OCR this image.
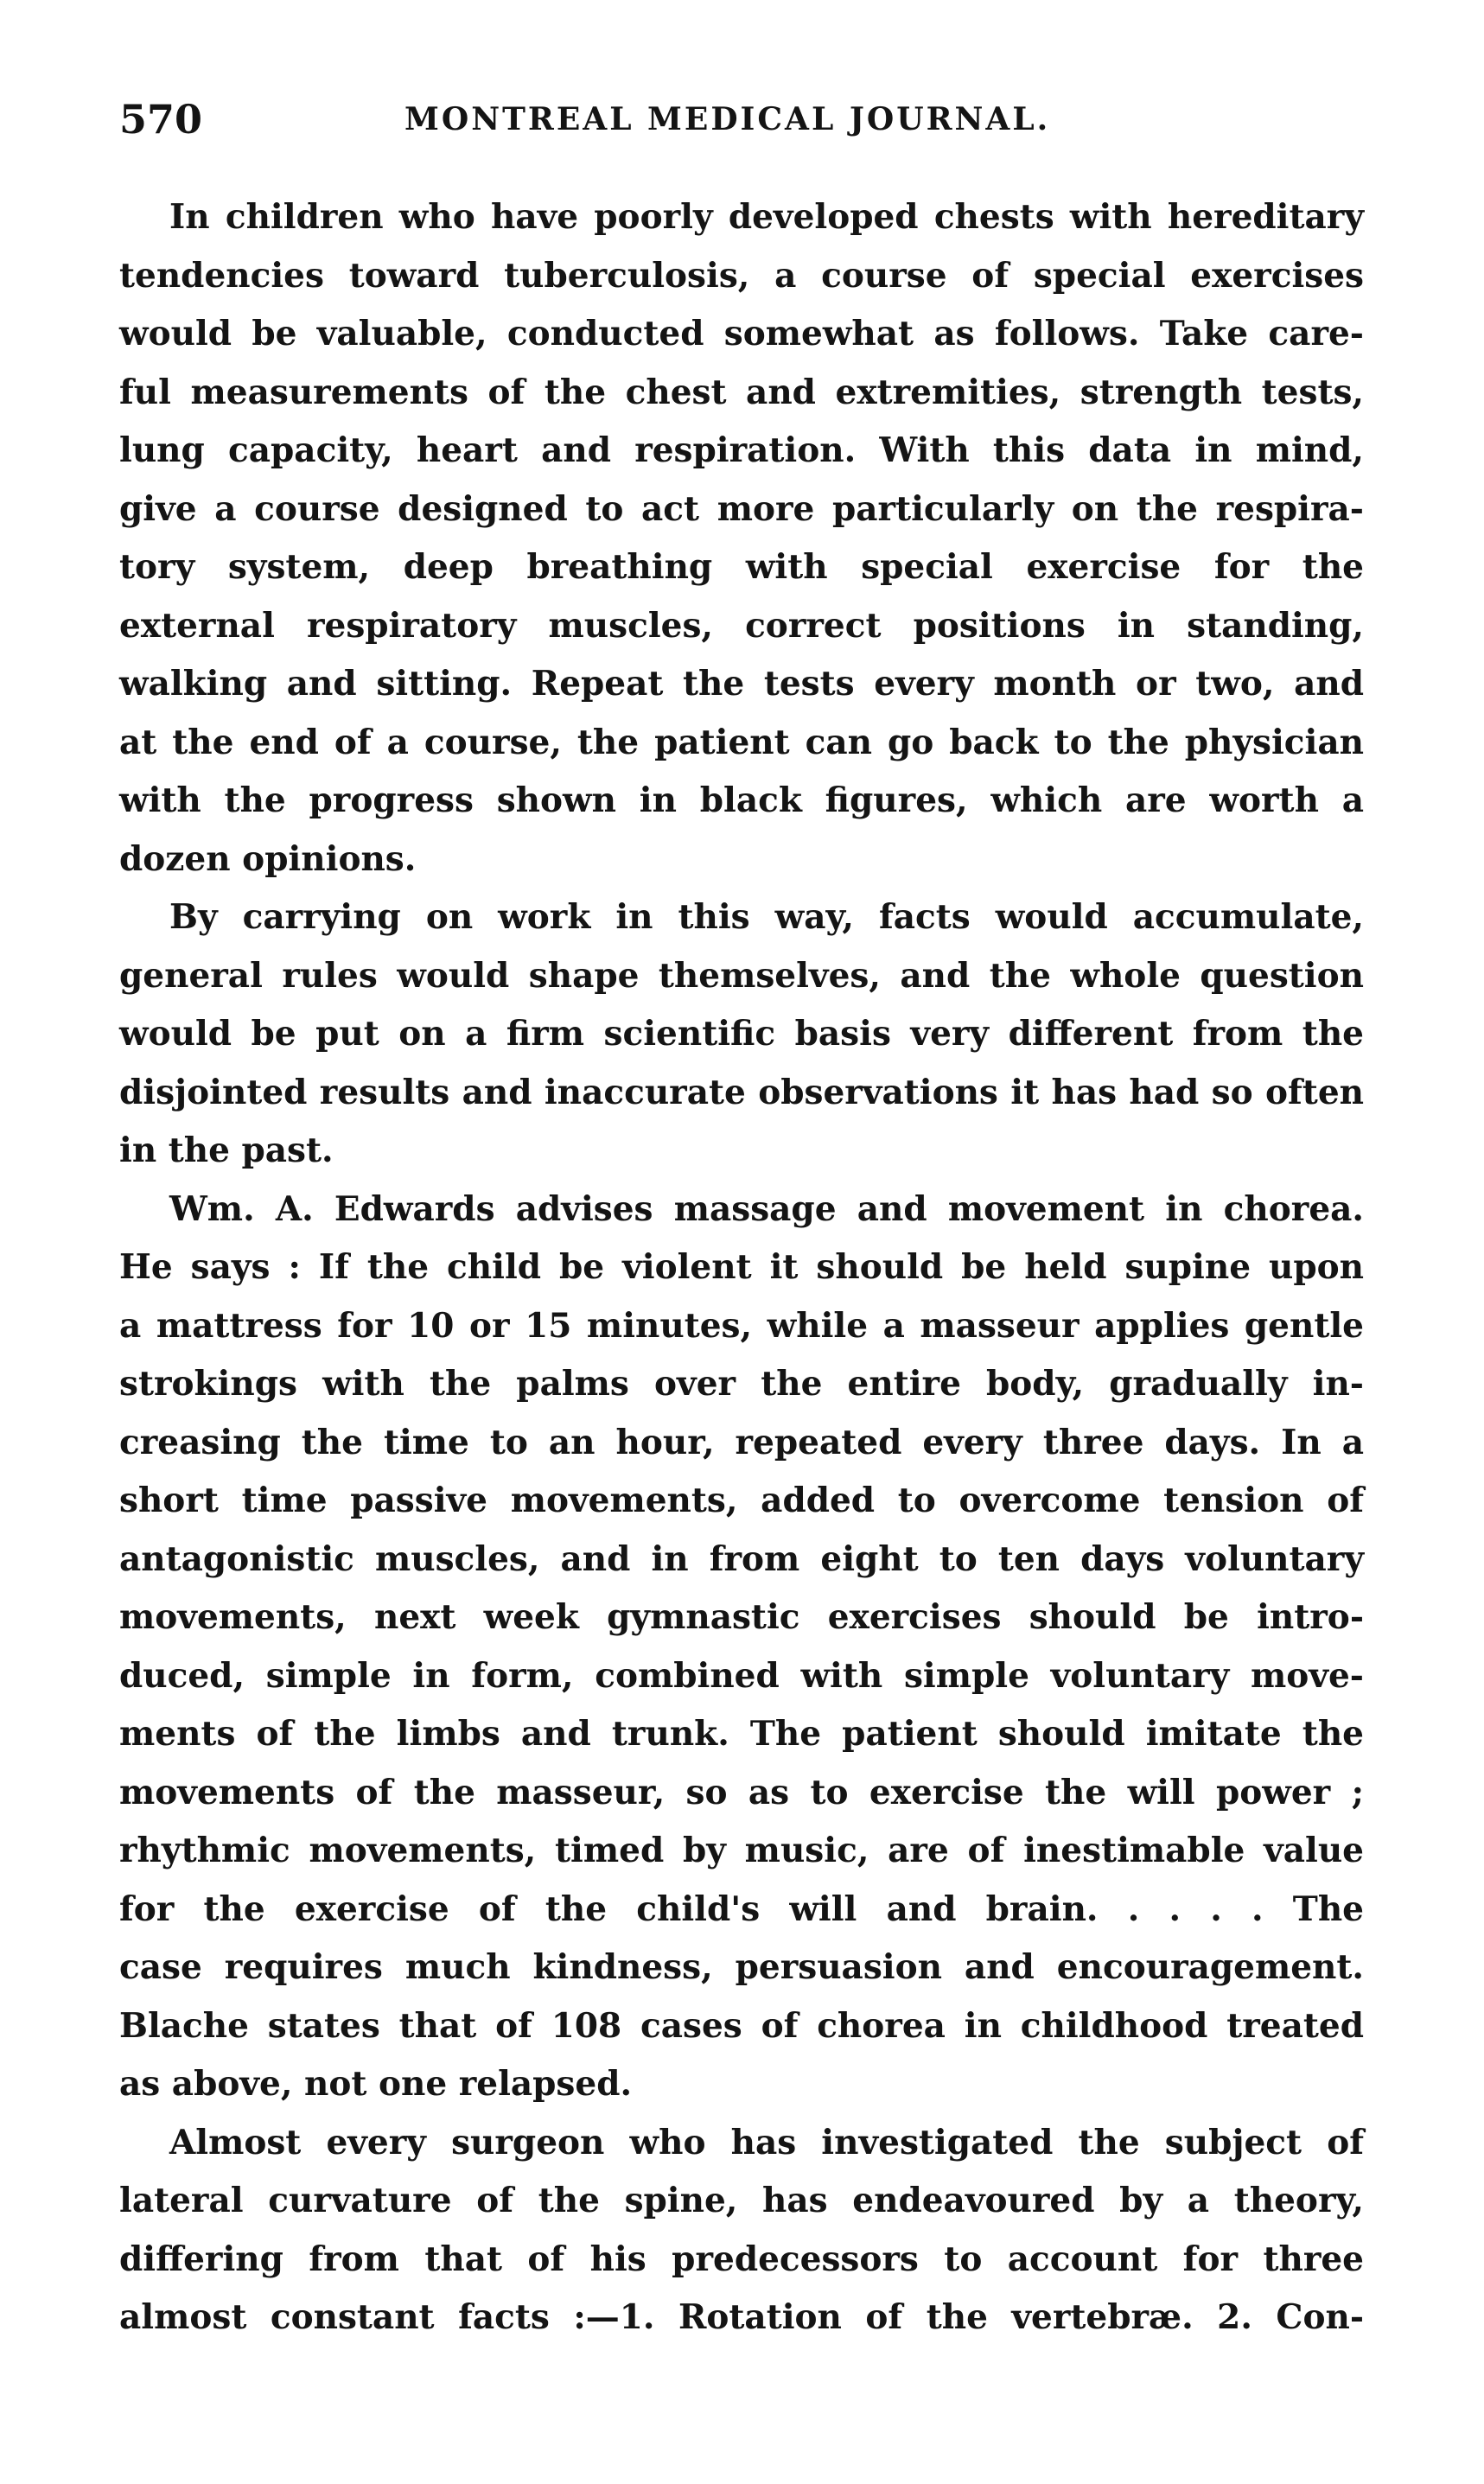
570	MONTREAL MEDICAL JOURNAL.
In children who have poorly developed chests with hereditary
tendencies toward tuberculosis, a course of special exercises
would be valuable, conducted somewhat as follows. Take care-
ful measurements of the chest and extremities, strength tests,
lung capacity, heart and respiration. With this data in mind,
give a course designed to act more particularly on the respira-
tory system, deep breathing with special exercise for the
external respiratory muscles, correct positions in standing,
walking and sitting. Repeat the tests every month or two, and
at the end of a course, the patient can go back to the physician
with the progress shown in black figures, which are worth a
dozen opinions.
By carrying on work in this way, facts would accumulate,
general rules would shape themselves, and the whole question
would be put on a firm scientific basis very different from the
disjointed results and inaccurate observations it has had so often
in the past.
Wm. A. Edwards advises massage and movement in chorea.
He says : If the child be violent it should be held supine upon
a mattress for 10 or 15 minutes, while a masseur applies gentle
strokings with the palms over the entire body, gradually in-
creasing the time to an hour, repeated every three days. In a
short time passive movements, added to overcome tension of
antagonistic muscles, and in from eight to ten days voluntary
movements, next week gymnastic exercises should be intro-
duced, simple in form, combined with simple voluntary move-
ments of the limbs and trunk. The patient should imitate the
movements of the masseur, so as to exercise the will power ;
rhythmic movements, timed by music, are of inestimable value
for the exercise of the child's will and brain. . . . . The
case requires much kindness, persuasion and encouragement.
Blache states that of 108 cases of chorea in childhood treated
as above, not one relapsed.
Almost every surgeon who has investigated the subject of
lateral curvature of the spine, has endeavoured by a theory,
differing from that of his predecessors to account for three
almost constant facts :—1. Rotation of the vertebræ. 2. Con-
